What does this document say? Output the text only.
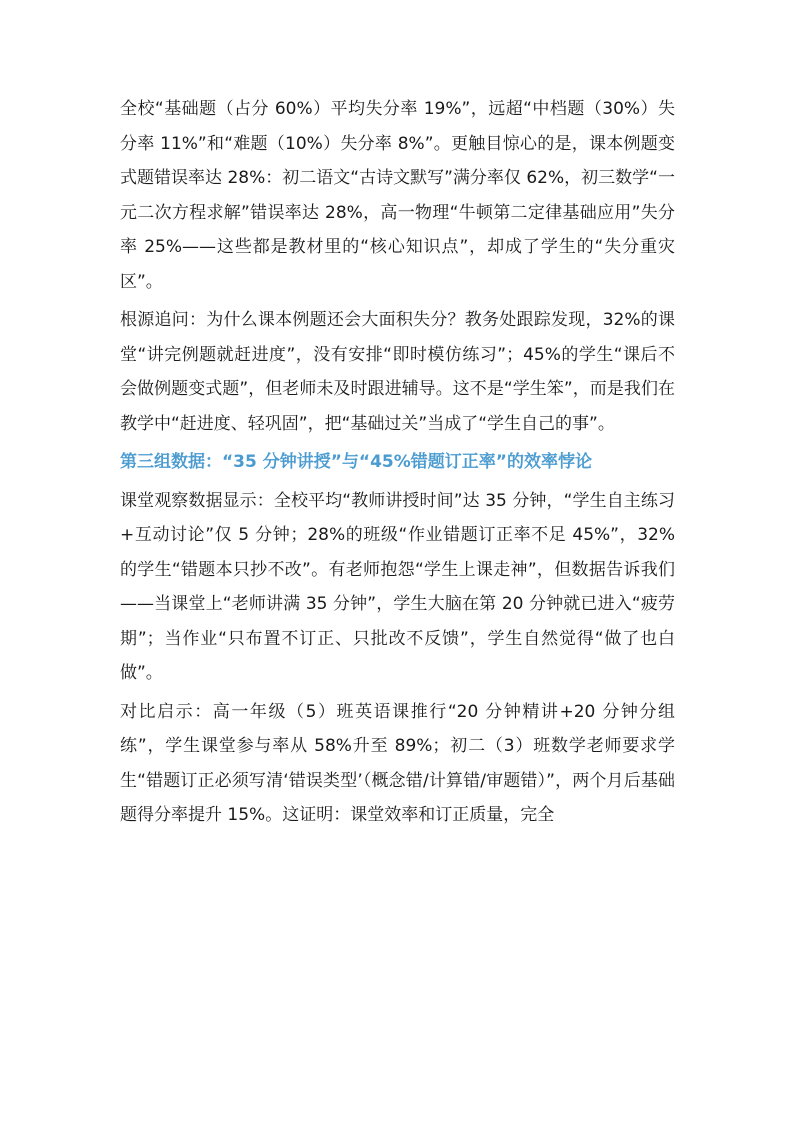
全校“基础题（占分 60%）平均失分率 19%”，远超“中档题（30%）失分率 11%”和“难题（10%）失分率 8%”。更触目惊心的是，课本例题变式题错误率达 28%：初二语文“古诗文默写”满分率仅 62%，初三数学“一元二次方程求解”错误率达 28%，高一物理“牛顿第二定律基础应用”失分率 25%——这些都是教材里的“核心知识点”，却成了学生的“失分重灾区”。

根源追问：为什么课本例题还会大面积失分？教务处跟踪发现，32%的课堂“讲完例题就赶进度”，没有安排“即时模仿练习”；45%的学生“课后不会做例题变式题”，但老师未及时跟进辅导。这不是“学生笨”，而是我们在教学中“赶进度、轻巩固”，把“基础过关”当成了“学生自己的事”。

第三组数据：“35 分钟讲授”与“45%错题订正率”的效率悖论

课堂观察数据显示：全校平均“教师讲授时间”达 35 分钟，“学生自主练习+互动讨论”仅 5 分钟；28%的班级“作业错题订正率不足 45%”，32%的学生“错题本只抄不改”。有老师抱怨“学生上课走神”，但数据告诉我们——当课堂上“老师讲满 35 分钟”，学生大脑在第 20 分钟就已进入“疲劳期”；当作业“只布置不订正、只批改不反馈”，学生自然觉得“做了也白做”。

对比启示：高一年级（5）班英语课推行“20 分钟精讲+20 分钟分组练”，学生课堂参与率从 58%升至 89%；初二（3）班数学老师要求学生“错题订正必须写清‘错误类型’（概念错/计算错/审题错）”，两个月后基础题得分率提升 15%。这证明：课堂效率和订正质量，完全
